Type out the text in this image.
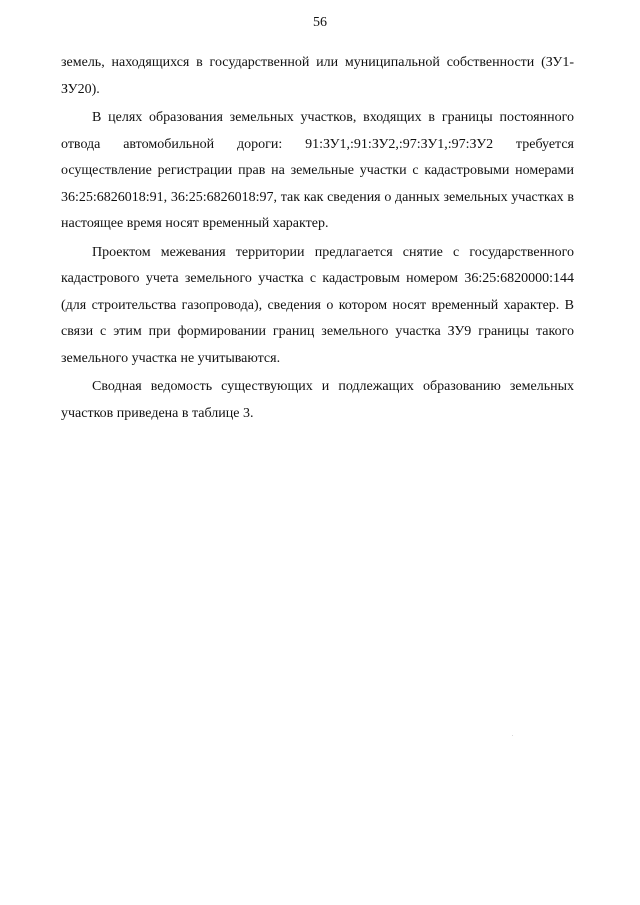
56

земель, находящихся в государственной или муниципальной собственности (ЗУ1- ЗУ20).

В целях образования земельных участков, входящих в границы постоянного отвода автомобильной дороги: 91:ЗУ1,:91:ЗУ2,:97:ЗУ1,:97:ЗУ2 требуется осуществление регистрации прав на земельные участки с кадастровыми номерами 36:25:6826018:91, 36:25:6826018:97, так как сведения о данных земельных участках в настоящее время носят временный характер.

Проектом межевания территории предлагается снятие с государственного кадастрового учета земельного участка с кадастровым номером 36:25:6820000:144 (для строительства газопровода), сведения о котором носят временный характер. В связи с этим при формировании границ земельного участка ЗУ9 границы такого земельного участка не учитываются.

Сводная ведомость существующих и подлежащих образованию земельных участков приведена в таблице 3.
